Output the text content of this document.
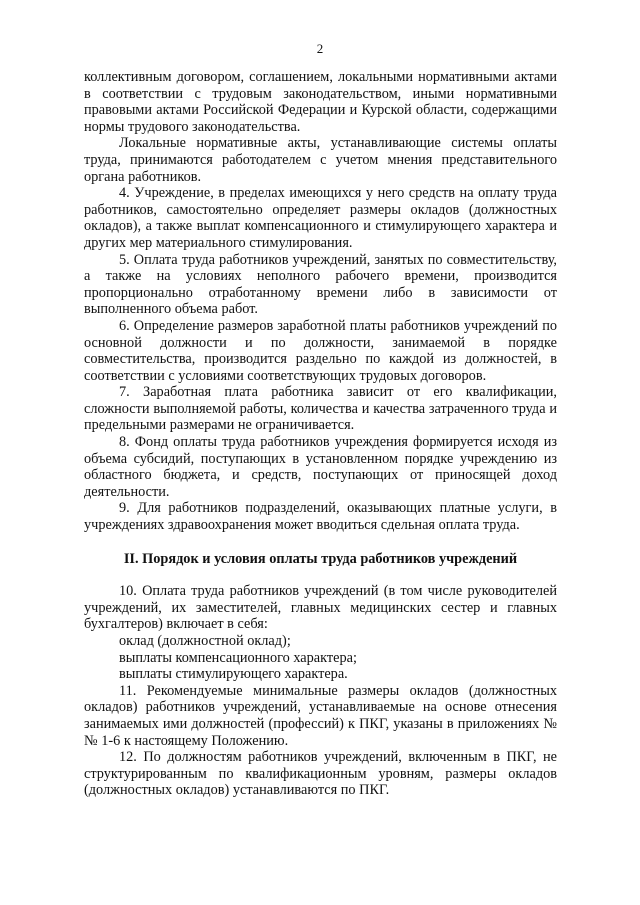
2

коллективным договором, соглашением, локальными нормативными актами в соответствии с трудовым законодательством, иными нормативными правовыми актами Российской Федерации и Курской области, содержащими нормы трудового законодательства.

Локальные нормативные акты, устанавливающие системы оплаты труда, принимаются работодателем с учетом мнения представительного органа работников.

4. Учреждение, в пределах имеющихся у него средств на оплату труда работников, самостоятельно определяет размеры окладов (должностных окладов), а также выплат компенсационного и стимулирующего характера и других мер материального стимулирования.

5. Оплата труда работников учреждений, занятых по совместительству, а также на условиях неполного рабочего времени, производится пропорционально отработанному времени либо в зависимости от выполненного объема работ.

6. Определение размеров заработной платы работников учреждений по основной должности и по должности, занимаемой в порядке совместительства, производится раздельно по каждой из должностей, в соответствии с условиями соответствующих трудовых договоров.

7. Заработная плата работника зависит от его квалификации, сложности выполняемой работы, количества и качества затраченного труда и предельными размерами не ограничивается.

8. Фонд оплаты труда работников учреждения формируется исходя из объема субсидий, поступающих в установленном порядке учреждению из областного бюджета, и средств, поступающих от приносящей доход деятельности.

9. Для работников подразделений, оказывающих платные услуги, в учреждениях здравоохранения может вводиться сдельная оплата труда.

II. Порядок и условия оплаты труда работников учреждений

10. Оплата труда работников учреждений (в том числе руководителей учреждений, их заместителей, главных медицинских сестер и главных бухгалтеров) включает в себя:

оклад (должностной оклад);

выплаты компенсационного характера;

выплаты стимулирующего характера.

11. Рекомендуемые минимальные размеры окладов (должностных окладов) работников учреждений, устанавливаемые на основе отнесения занимаемых ими должностей (профессий) к ПКГ, указаны в приложениях №№ 1-6 к настоящему Положению.

12. По должностям работников учреждений, включенным в ПКГ, не структурированным по квалификационным уровням, размеры окладов (должностных окладов) устанавливаются по ПКГ.
